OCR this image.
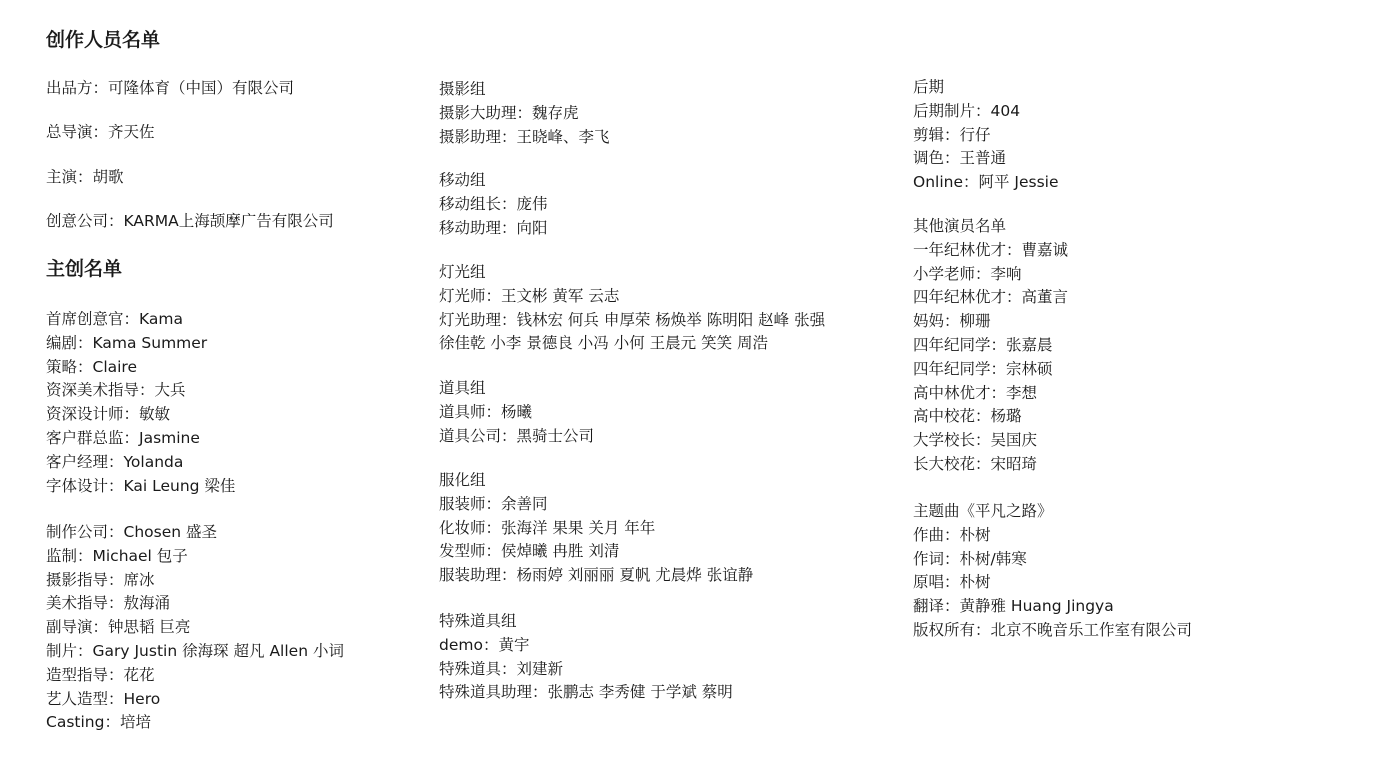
创作人员名单
出品方：可隆体育（中国）有限公司
总导演：齐天佐
主演：胡歌
创意公司：KARMA上海颉摩广告有限公司
主创名单
首席创意官：Kama
编剧：Kama Summer
策略：Claire
资深美术指导：大兵
资深设计师：敏敏
客户群总监：Jasmine
客户经理：Yolanda
字体设计：Kai Leung 梁佳
制作公司：Chosen 盛圣
监制：Michael 包子
摄影指导：席冰
美术指导：敖海涌
副导演：钟思韬 巨亮
制片：Gary Justin 徐海琛 超凡 Allen 小词
造型指导：花花
艺人造型：Hero
Casting：培培
摄影组
摄影大助理：魏存虎
摄影助理：王晓峰、李飞
移动组
移动组长：庞伟
移动助理：向阳
灯光组
灯光师：王文彬 黄军 云志
灯光助理：钱林宏 何兵 申厚荣 杨焕举 陈明阳 赵峰 张强
徐佳乾 小李 景德良 小冯 小何 王晨元 笑笑 周浩
道具组
道具师：杨曦
道具公司：黑骑士公司
服化组
服装师：余善同
化妆师：张海洋 果果 关月 年年
发型师：侯焯曦 冉胜 刘清
服装助理：杨雨婷 刘丽丽 夏帆 尤晨烨 张谊静
特殊道具组
demo：黄宇
特殊道具：刘建新
特殊道具助理：张鹏志 李秀健 于学斌 蔡明
后期
后期制片：404
剪辑：行仔
调色：王普通
Online：阿平 Jessie
其他演员名单
一年纪林优才：曹嘉诚
小学老师：李响
四年纪林优才：高董言
妈妈：柳珊
四年纪同学：张嘉晨
四年纪同学：宗林硕
高中林优才：李想
高中校花：杨璐
大学校长：吴国庆
长大校花：宋昭琦
主题曲《平凡之路》
作曲：朴树
作词：朴树/韩寒
原唱：朴树
翻译：黄静雅 Huang Jingya
版权所有：北京不晚音乐工作室有限公司
